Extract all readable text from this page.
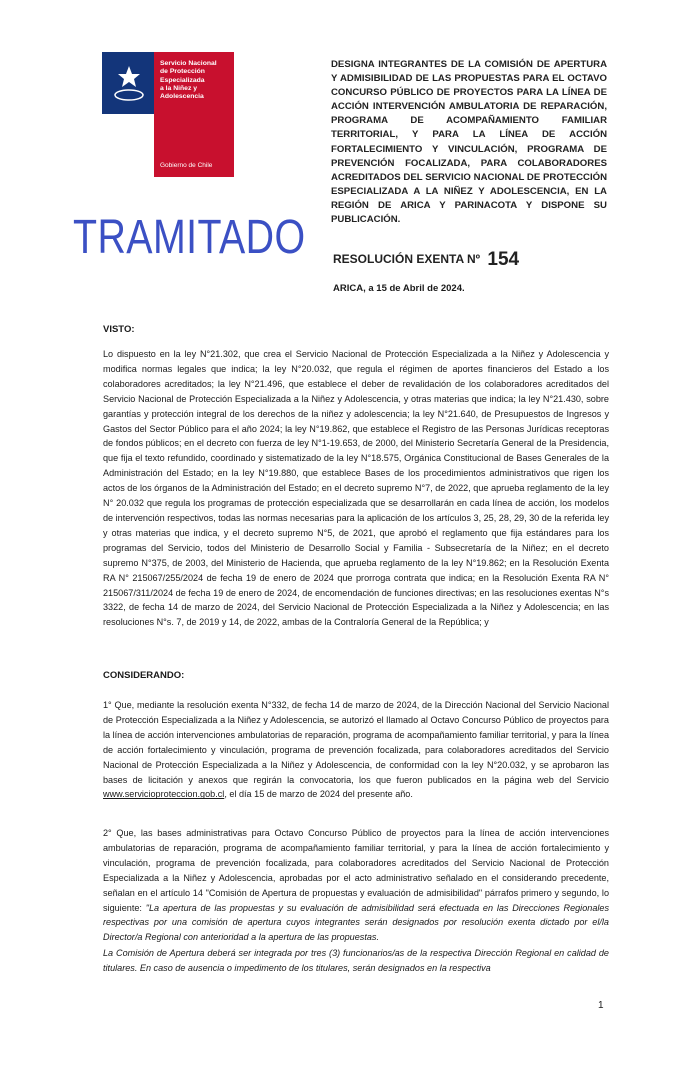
Servicio Nacional
de Protección
Especializada
a la Niñez y
Adolescencia
Gobierno de Chile
TRAMITADO
DESIGNA INTEGRANTES DE LA COMISIÓN DE APERTURA Y ADMISIBILIDAD DE LAS PROPUESTAS PARA EL OCTAVO CONCURSO PÚBLICO DE PROYECTOS PARA LA LÍNEA DE ACCIÓN INTERVENCIÓN AMBULATORIA DE REPARACIÓN, PROGRAMA DE ACOMPAÑAMIENTO FAMILIAR TERRITORIAL, Y PARA LA LÍNEA DE ACCIÓN FORTALECIMIENTO Y VINCULACIÓN, PROGRAMA DE PREVENCIÓN FOCALIZADA, PARA COLABORADORES ACREDITADOS DEL SERVICIO NACIONAL DE PROTECCIÓN ESPECIALIZADA A LA NIÑEZ Y ADOLESCENCIA, EN LA REGIÓN DE ARICA Y PARINACOTA Y DISPONE SU PUBLICACIÓN.
RESOLUCIÓN EXENTA Nº 154
ARICA, a 15 de Abril de 2024.
VISTO:
Lo dispuesto en la ley N°21.302, que crea el Servicio Nacional de Protección Especializada a la Niñez y Adolescencia y modifica normas legales que indica; la ley N°20.032, que regula el régimen de aportes financieros del Estado a los colaboradores acreditados; la ley N°21.496, que establece el deber de revalidación de los colaboradores acreditados del Servicio Nacional de Protección Especializada a la Niñez y Adolescencia, y otras materias que indica; la ley N°21.430, sobre garantías y protección integral de los derechos de la niñez y adolescencia; la ley N°21.640, de Presupuestos de Ingresos y Gastos del Sector Público para el año 2024; la ley N°19.862, que establece el Registro de las Personas Jurídicas receptoras de fondos públicos; en el decreto con fuerza de ley N°1-19.653, de 2000, del Ministerio Secretaría General de la Presidencia, que fija el texto refundido, coordinado y sistematizado de la ley N°18.575, Orgánica Constitucional de Bases Generales de la Administración del Estado; en la ley N°19.880, que establece Bases de los procedimientos administrativos que rigen los actos de los órganos de la Administración del Estado; en el decreto supremo N°7, de 2022, que aprueba reglamento de la ley N° 20.032 que regula los programas de protección especializada que se desarrollarán en cada línea de acción, los modelos de intervención respectivos, todas las normas necesarias para la aplicación de los artículos 3, 25, 28, 29, 30 de la referida ley y otras materias que indica, y el decreto supremo N°5, de 2021, que aprobó el reglamento que fija estándares para los programas del Servicio, todos del Ministerio de Desarrollo Social y Familia - Subsecretaría de la Niñez; en el decreto supremo N°375, de 2003, del Ministerio de Hacienda, que aprueba reglamento de la ley N°19.862; en la Resolución Exenta RA N° 215067/255/2024 de fecha 19 de enero de 2024 que prorroga contrata que indica; en la Resolución Exenta RA N° 215067/311/2024 de fecha 19 de enero de 2024, de encomendación de funciones directivas; en las resoluciones exentas N°s 3322, de fecha 14 de marzo de 2024, del Servicio Nacional de Protección Especializada a la Niñez y Adolescencia; en las resoluciones N°s. 7, de 2019 y 14, de 2022, ambas de la Contraloría General de la República; y
CONSIDERANDO:
1° Que, mediante la resolución exenta N°332, de fecha 14 de marzo de 2024, de la Dirección Nacional del Servicio Nacional de Protección Especializada a la Niñez y Adolescencia, se autorizó el llamado al Octavo Concurso Público de proyectos para la línea de acción intervenciones ambulatorias de reparación, programa de acompañamiento familiar territorial, y para la línea de acción fortalecimiento y vinculación, programa de prevención focalizada, para colaboradores acreditados del Servicio Nacional de Protección Especializada a la Niñez y Adolescencia, de conformidad con la ley N°20.032, y se aprobaron las bases de licitación y anexos que regirán la convocatoria, los que fueron publicados en la página web del Servicio www.servicioproteccion.gob.cl, el día 15 de marzo de 2024 del presente año.
2° Que, las bases administrativas para Octavo Concurso Público de proyectos para la línea de acción intervenciones ambulatorias de reparación, programa de acompañamiento familiar territorial, y para la línea de acción fortalecimiento y vinculación, programa de prevención focalizada, para colaboradores acreditados del Servicio Nacional de Protección Especializada a la Niñez y Adolescencia, aprobadas por el acto administrativo señalado en el considerando precedente, señalan en el artículo 14 "Comisión de Apertura de propuestas y evaluación de admisibilidad" párrafos primero y segundo, lo siguiente: "La apertura de las propuestas y su evaluación de admisibilidad será efectuada en las Direcciones Regionales respectivas por una comisión de apertura cuyos integrantes serán designados por resolución exenta dictado por el/la Director/a Regional con anterioridad a la apertura de las propuestas.
La Comisión de Apertura deberá ser integrada por tres (3) funcionarios/as de la respectiva Dirección Regional en calidad de titulares. En caso de ausencia o impedimento de los titulares, serán designados en la respectiva
1
